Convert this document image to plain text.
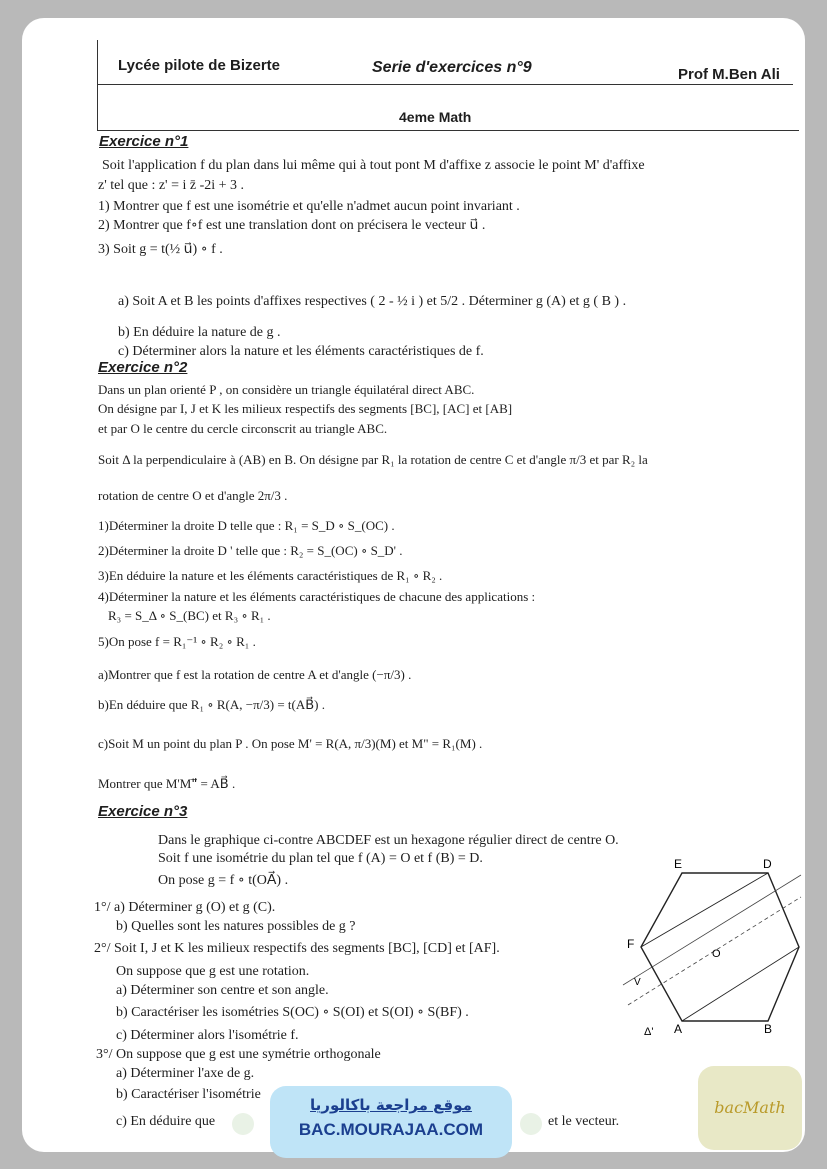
Lycée pilote de Bizerte	Serie d'exercices n°9	Prof M.Ben Ali
4eme Math
Exercice n°1
Soit l'application f du plan dans lui même qui à tout pont M d'affixe z associe le point M' d'affixe
z' tel que : z' = i z̄ -2i + 3 .
1) Montrer que f est une isométrie et qu'elle n'admet aucun point invariant .
2) Montrer que f∘f est une translation dont on précisera le vecteur u⃗ .
3) Soit g = t(½ u⃗) ∘ f .
a) Soit A et B les points d'affixes respectives ( 2 - ½ i ) et 5/2 . Déterminer g (A) et g ( B ) .
b) En déduire la nature de g .
c) Déterminer alors la nature et les éléments caractéristiques de f.
Exercice n°2
Dans un plan orienté P , on considère un triangle équilatéral direct ABC.
On désigne par I, J et K les milieux respectifs des segments [BC], [AC] et [AB]
et par O le centre du cercle circonscrit au triangle ABC.
Soit Δ la perpendiculaire à (AB) en B. On désigne par R₁ la rotation de centre C et d'angle π/3 et par R₂ la
rotation de centre O et d'angle 2π/3 .
1)Déterminer la droite D telle que : R₁ = S_D ∘ S_(OC) .
2)Déterminer la droite D ' telle que : R₂ = S_(OC) ∘ S_D' .
3)En déduire la nature et les éléments caractéristiques de R₁ ∘ R₂ .
4)Déterminer la nature et les éléments caractéristiques de chacune des applications :
R₃ = S_Δ ∘ S_(BC) et R₃ ∘ R₁ .
5)On pose f = R₁⁻¹ ∘ R₂ ∘ R₁ .
a)Montrer que f est la rotation de centre A et d'angle (−π/3) .
b)En déduire que R₁ ∘ R(A, −π/3) = t(AB⃗) .
c)Soit M un point du plan P . On pose M' = R(A, π/3)(M) et M" = R₁(M) .
Montrer que M'M"⃗ = AB⃗ .
Exercice n°3
Dans le graphique ci-contre ABCDEF est un hexagone régulier direct de centre O.
Soit f une isométrie du plan tel que f (A) = O et f (B) = D.
On pose g = f ∘ t(OA⃗) .
1°/ a) Déterminer g (O) et g (C).
b) Quelles sont les natures possibles de g ?
2°/ Soit I, J et K les milieux respectifs des segments [BC], [CD] et [AF].
On suppose que g est une rotation.
a) Déterminer son centre et son angle.
b) Caractériser les isométries S(OC) ∘ S(OI) et S(OI) ∘ S(BF) .
c) Déterminer alors l'isométrie f.
3°/ On suppose que g est une symétrie orthogonale
a) Déterminer l'axe de g.
b) Caractériser l'isométrie
c) En déduire que	et le vecteur.
E	D
F
O
A	B
Δ'
V
موقع مراجعة باكالوريا
BAC.MOURAJAA.COM
bacMath
